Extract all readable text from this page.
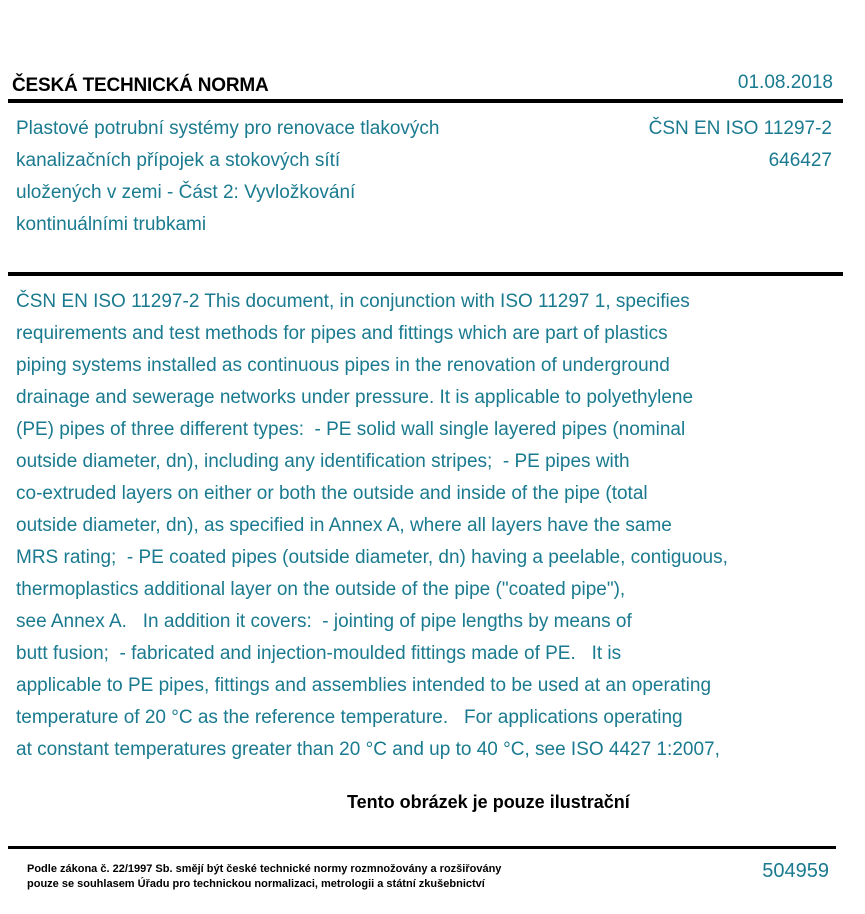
ČESKÁ TECHNICKÁ NORMA	01.08.2018
Plastové potrubní systémy pro renovace tlakových
kanalizačních přípojek a stokových sítí
uložených v zemi - Část 2: Vyvložkování
kontinuálními trubkami
ČSN EN ISO 11297-2
646427
ČSN EN ISO 11297-2 This document, in conjunction with ISO 11297 1, specifies
requirements and test methods for pipes and fittings which are part of plastics
piping systems installed as continuous pipes in the renovation of underground
drainage and sewerage networks under pressure. It is applicable to polyethylene
(PE) pipes of three different types:  - PE solid wall single layered pipes (nominal
outside diameter, dn), including any identification stripes;  - PE pipes with
co-extruded layers on either or both the outside and inside of the pipe (total
outside diameter, dn), as specified in Annex A, where all layers have the same
MRS rating;  - PE coated pipes (outside diameter, dn) having a peelable, contiguous,
thermoplastics additional layer on the outside of the pipe ("coated pipe"),
see Annex A.   In addition it covers:  - jointing of pipe lengths by means of
butt fusion;  - fabricated and injection-moulded fittings made of PE.   It is
applicable to PE pipes, fittings and assemblies intended to be used at an operating
temperature of 20 °C as the reference temperature.   For applications operating
at constant temperatures greater than 20 °C and up to 40 °C, see ISO 4427 1:2007,
Tento obrázek je pouze ilustrační
Podle zákona č. 22/1997 Sb. smějí být české technické normy rozmnožovány a rozšiřovány
pouze se souhlasem Úřadu pro technickou normalizaci, metrologii a státní zkušebnictví
504959
